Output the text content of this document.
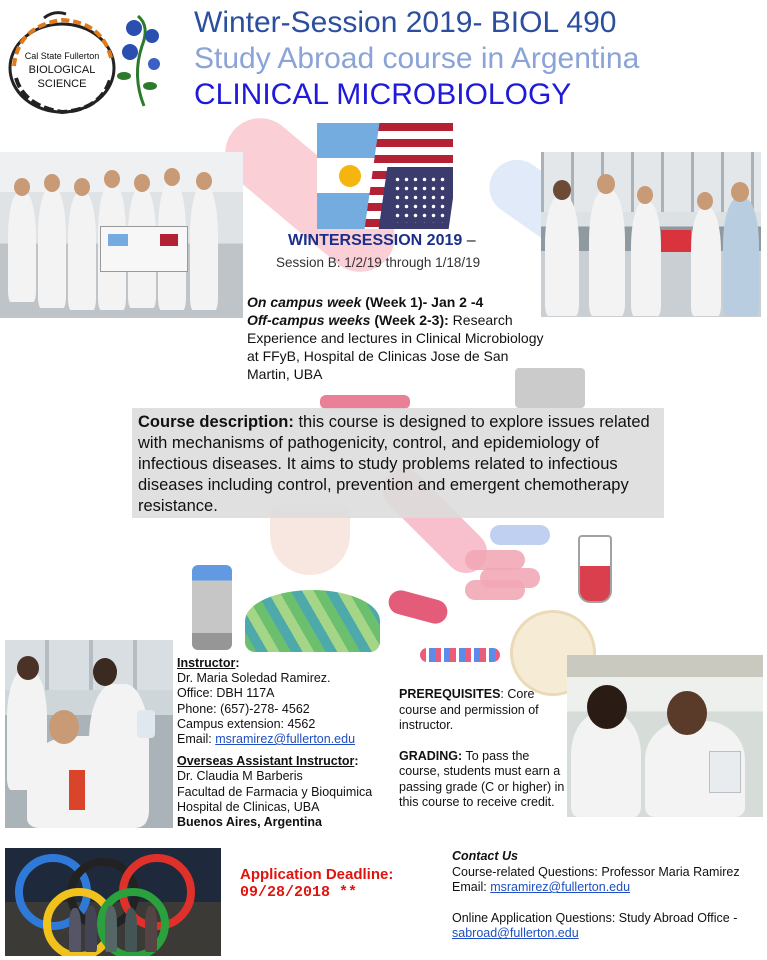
Cal State Fullerton
BIOLOGICAL
SCIENCE
Winter-Session 2019- BIOL 490
Study Abroad course in Argentina
CLINICAL MICROBIOLOGY
WINTERSESSION 2019 –
Session B: 1/2/19 through 1/18/19
On campus week (Week 1)- Jan 2 -4
Off-campus weeks (Week 2-3): Research Experience and lectures in Clinical Microbiology at FFyB, Hospital de Clinicas Jose de San Martin, UBA
Course description: this course is designed to explore issues related with mechanisms of pathogenicity, control, and epidemiology of infectious diseases. It aims to study problems related to infectious diseases including control, prevention and emergent chemotherapy resistance.
Instructor:
Dr. Maria Soledad Ramirez.
Office: DBH 117A
Phone: (657)-278- 4562
Campus extension: 4562
Email: msramirez@fullerton.edu
Overseas Assistant Instructor:
Dr. Claudia M Barberis
Facultad de Farmacia y Bioquimica
Hospital de Clinicas, UBA
Buenos Aires, Argentina
PREREQUISITES: Core course and permission of instructor.
GRADING: To pass the course, students must earn a passing grade (C or higher) in this course to receive credit.
Application Deadline:
09/28/2018 **
Contact Us
Course-related Questions: Professor Maria Ramirez
Email: msramirez@fullerton.edu
Online Application Questions: Study Abroad Office -
sabroad@fullerton.edu
